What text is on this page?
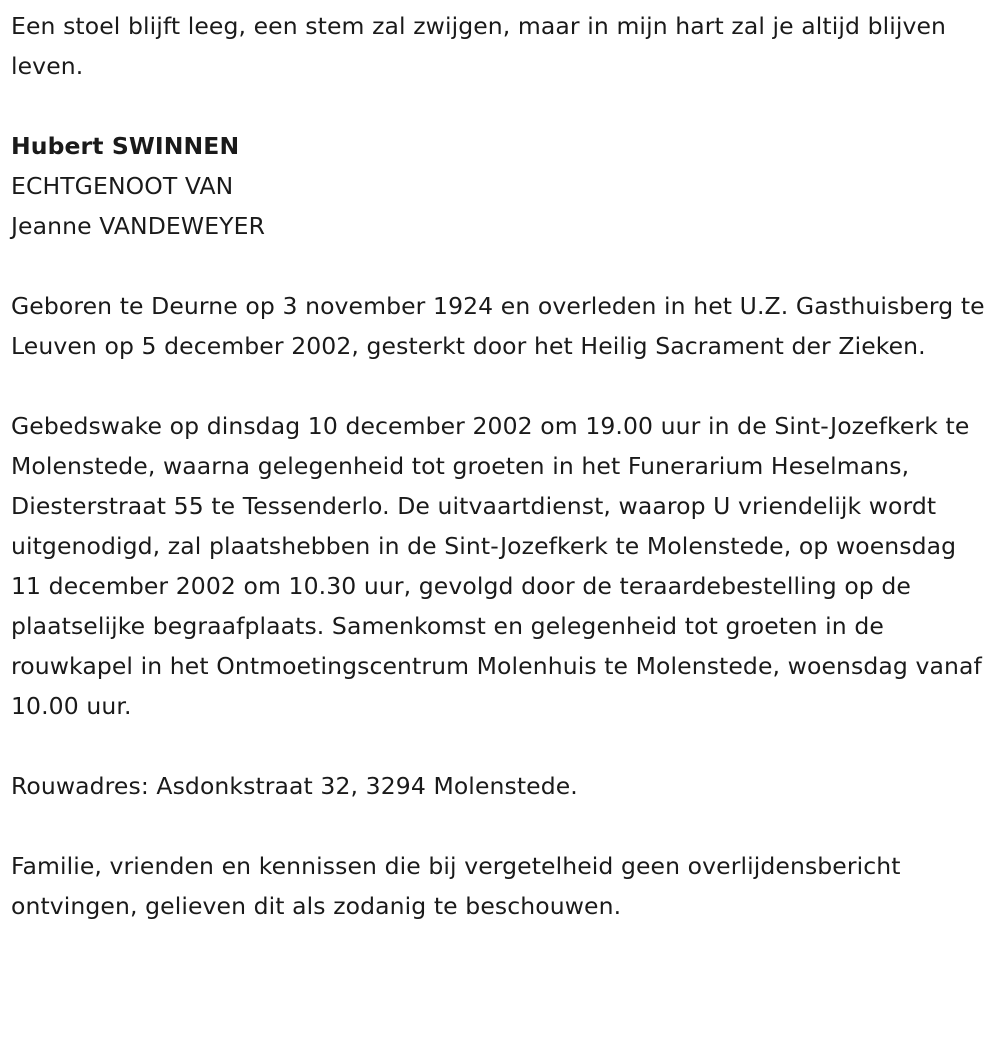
Een stoel blijft leeg, een stem zal zwijgen, maar in mijn hart zal je altijd blijven leven.

Hubert SWINNEN

ECHTGENOOT VAN

Jeanne VANDEWEYER

Geboren te Deurne op 3 november 1924 en overleden in het U.Z. Gasthuisberg te Leuven op 5 december 2002, gesterkt door het Heilig Sacrament der Zieken.

Gebedswake op dinsdag 10 december 2002 om 19.00 uur in de Sint-Jozefkerk te Molenstede, waarna gelegenheid tot groeten in het Funerarium Heselmans, Diesterstraat 55 te Tessenderlo. De uitvaartdienst, waarop U vriendelijk wordt uitgenodigd, zal plaatshebben in de Sint-Jozefkerk te Molenstede, op woensdag 11 december 2002 om 10.30 uur, gevolgd door de teraardebestelling op de plaatselijke begraafplaats. Samenkomst en gelegenheid tot groeten in de rouwkapel in het Ontmoetingscentrum Molenhuis te Molenstede, woensdag vanaf 10.00 uur.

Rouwadres: Asdonkstraat 32, 3294 Molenstede.

Familie, vrienden en kennissen die bij vergetelheid geen overlijdensbericht ontvingen, gelieven dit als zodanig te beschouwen.
